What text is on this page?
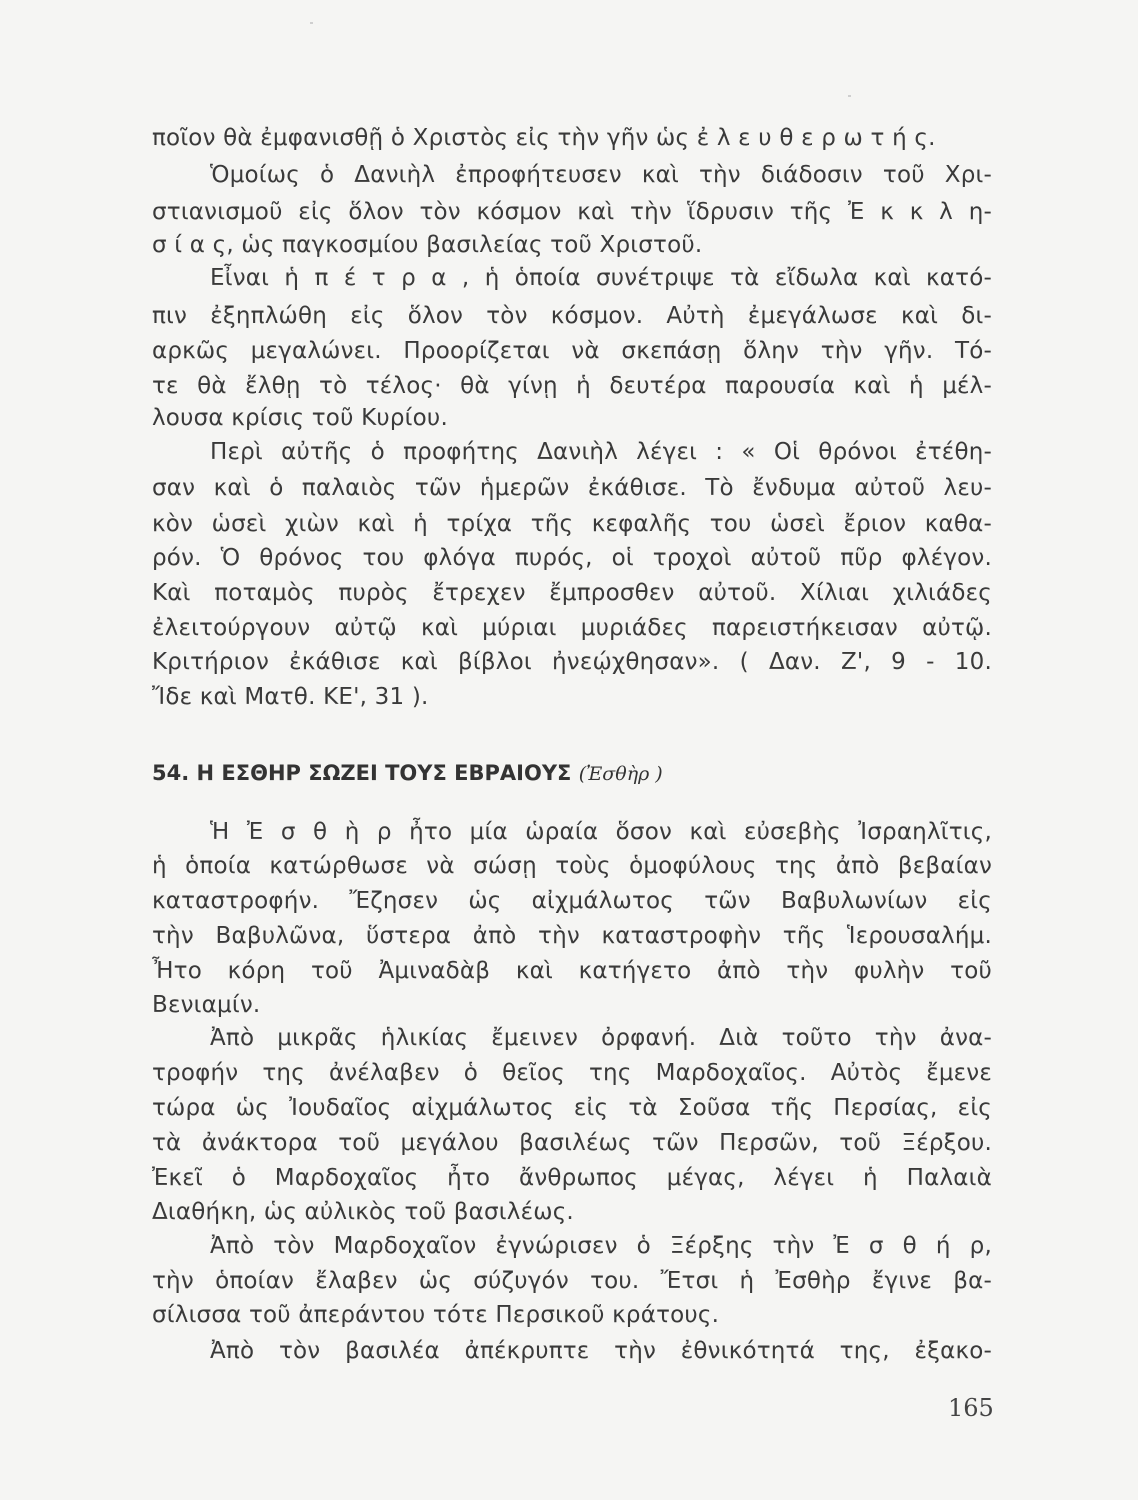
ποῖον θὰ ἐμφανισθῇ ὁ Χριστὸς εἰς τὴν γῆν ὡς ἐ λ ε υ θ ε ρ ω τ ή ς.
Ὁμοίως ὁ Δανιὴλ ἐπροφήτευσεν καὶ τὴν διάδοσιν τοῦ Χρι-
στιανισμοῦ εἰς ὅλον τὸν κόσμον καὶ τὴν ἵδρυσιν τῆς Ἐ κ κ λ η-
σ ί α ς, ὡς παγκοσμίου βασιλείας τοῦ Χριστοῦ.
Εἶναι ἡ π έ τ ρ α , ἡ ὁποία συνέτριψε τὰ εἴδωλα καὶ κατό-
πιν ἐξηπλώθη εἰς ὅλον τὸν κόσμον. Αὐτὴ ἐμεγάλωσε καὶ δι-
αρκῶς μεγαλώνει. Προορίζεται νὰ σκεπάσῃ ὅλην τὴν γῆν. Τό-
τε θὰ ἔλθῃ τὸ τέλος· θὰ γίνῃ ἡ δευτέρα παρουσία καὶ ἡ μέλ-
λουσα κρίσις τοῦ Κυρίου.
Περὶ αὐτῆς ὁ προφήτης Δανιὴλ λέγει : « Οἱ θρόνοι ἐτέθη-
σαν καὶ ὁ παλαιὸς τῶν ἡμερῶν ἐκάθισε. Τὸ ἔνδυμα αὐτοῦ λευ-
κὸν ὡσεὶ χιὼν καὶ ἡ τρίχα τῆς κεφαλῆς του ὡσεὶ ἔριον καθα-
ρόν. Ὁ θρόνος του φλόγα πυρός, οἱ τροχοὶ αὐτοῦ πῦρ φλέγον.
Καὶ ποταμὸς πυρὸς ἔτρεχεν ἔμπροσθεν αὐτοῦ. Χίλιαι χιλιάδες
ἐλειτούργουν αὐτῷ καὶ μύριαι μυριάδες παρειστήκεισαν αὐτῷ.
Κριτήριον ἐκάθισε καὶ βίβλοι ἠνεῴχθησαν». ( Δαν. Ζ', 9 - 10.
Ἴδε καὶ Ματθ. ΚΕ', 31 ).
54. Η ΕΣΘΗΡ ΣΩΖΕΙ ΤΟΥΣ ΕΒΡΑΙΟΥΣ (Ἐσθὴρ )
Ἡ Ἐ σ θ ὴ ρ ἦτο μία ὡραία ὅσον καὶ εὐσεβὴς Ἰσραηλῖτις,
ἡ ὁποία κατώρθωσε νὰ σώσῃ τοὺς ὁμοφύλους της ἀπὸ βεβαίαν
καταστροφήν. Ἔζησεν ὡς αἰχμάλωτος τῶν Βαβυλωνίων εἰς
τὴν Βαβυλῶνα, ὕστερα ἀπὸ τὴν καταστροφὴν τῆς Ἱερουσαλήμ.
Ἦτο κόρη τοῦ Ἀμιναδὰβ καὶ κατήγετο ἀπὸ τὴν φυλὴν τοῦ
Βενιαμίν.
Ἀπὸ μικρᾶς ἡλικίας ἔμεινεν ὀρφανή. Διὰ τοῦτο τὴν ἀνα-
τροφήν της ἀνέλαβεν ὁ θεῖος της Μαρδοχαῖος. Αὐτὸς ἔμενε
τώρα ὡς Ἰουδαῖος αἰχμάλωτος εἰς τὰ Σοῦσα τῆς Περσίας, εἰς
τὰ ἀνάκτορα τοῦ μεγάλου βασιλέως τῶν Περσῶν, τοῦ Ξέρξου.
Ἐκεῖ ὁ Μαρδοχαῖος ἦτο ἄνθρωπος μέγας, λέγει ἡ Παλαιὰ
Διαθήκη, ὡς αὐλικὸς τοῦ βασιλέως.
Ἀπὸ τὸν Μαρδοχαῖον ἐγνώρισεν ὁ Ξέρξης τὴν Ἐ σ θ ή ρ,
τὴν ὁποίαν ἔλαβεν ὡς σύζυγόν του. Ἔτσι ἡ Ἐσθὴρ ἔγινε βα-
σίλισσα τοῦ ἀπεράντου τότε Περσικοῦ κράτους.
Ἀπὸ τὸν βασιλέα ἀπέκρυπτε τὴν ἐθνικότητά της, ἐξακο-
165
